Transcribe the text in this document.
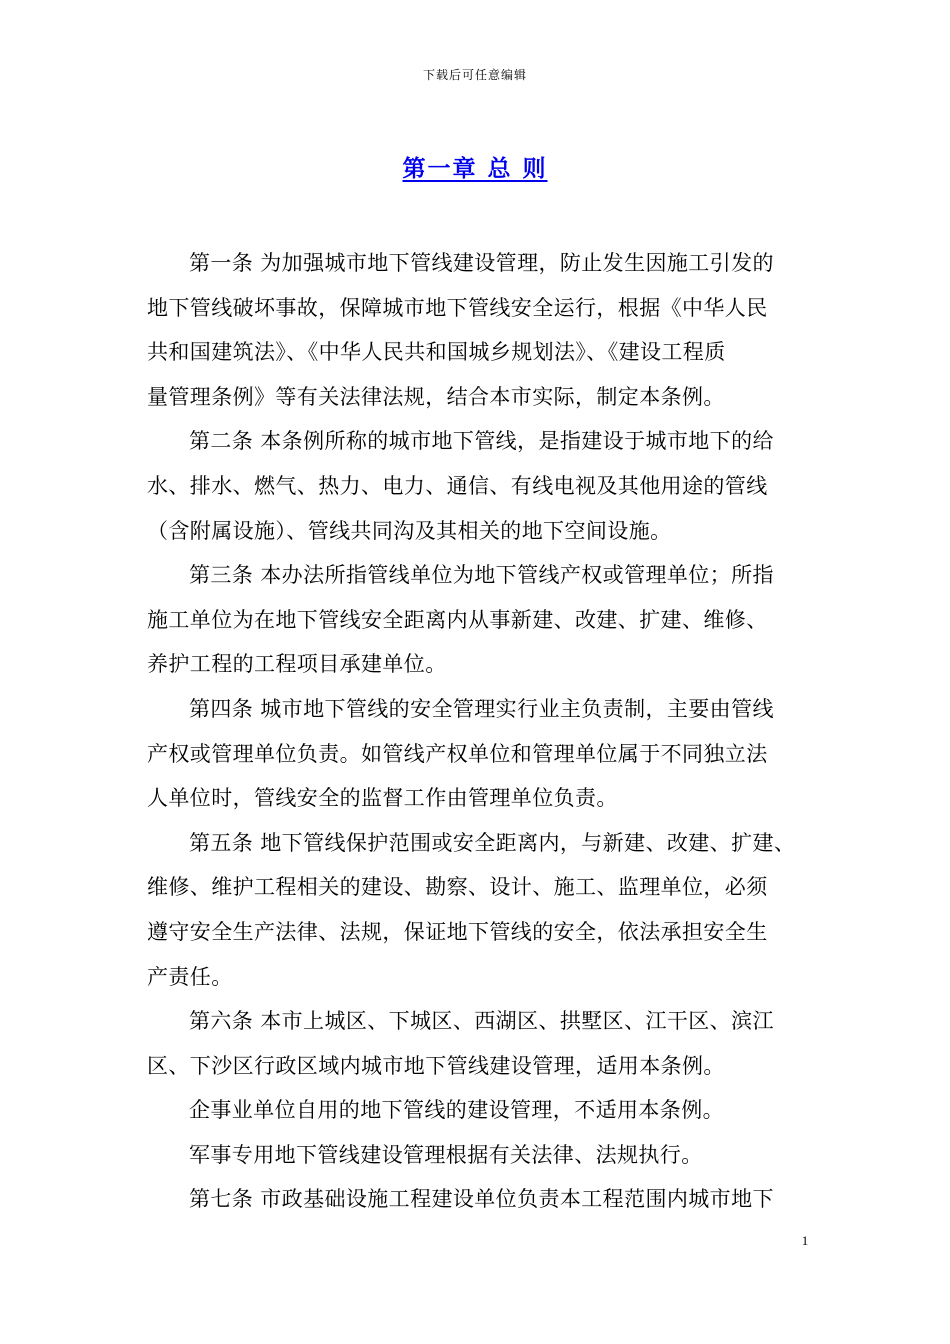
下载后可任意编辑
第一章 总 则
第一条 为加强城市地下管线建设管理，防止发生因施工引发的
地下管线破坏事故，保障城市地下管线安全运行，根据《中华人民
共和国建筑法》、《中华人民共和国城乡规划法》、《建设工程质
量管理条例》等有关法律法规，结合本市实际，制定本条例。
第二条 本条例所称的城市地下管线，是指建设于城市地下的给
水、排水、燃气、热力、电力、通信、有线电视及其他用途的管线
（含附属设施）、管线共同沟及其相关的地下空间设施。
第三条 本办法所指管线单位为地下管线产权或管理单位；所指
施工单位为在地下管线安全距离内从事新建、改建、扩建、维修、
养护工程的工程项目承建单位。
第四条 城市地下管线的安全管理实行业主负责制，主要由管线
产权或管理单位负责。如管线产权单位和管理单位属于不同独立法
人单位时，管线安全的监督工作由管理单位负责。
第五条 地下管线保护范围或安全距离内，与新建、改建、扩建、
维修、维护工程相关的建设、勘察、设计、施工、监理单位，必须
遵守安全生产法律、法规，保证地下管线的安全，依法承担安全生
产责任。
第六条 本市上城区、下城区、西湖区、拱墅区、江干区、滨江
区、下沙区行政区域内城市地下管线建设管理，适用本条例。
企事业单位自用的地下管线的建设管理，不适用本条例。
军事专用地下管线建设管理根据有关法律、法规执行。
第七条 市政基础设施工程建设单位负责本工程范围内城市地下
1
